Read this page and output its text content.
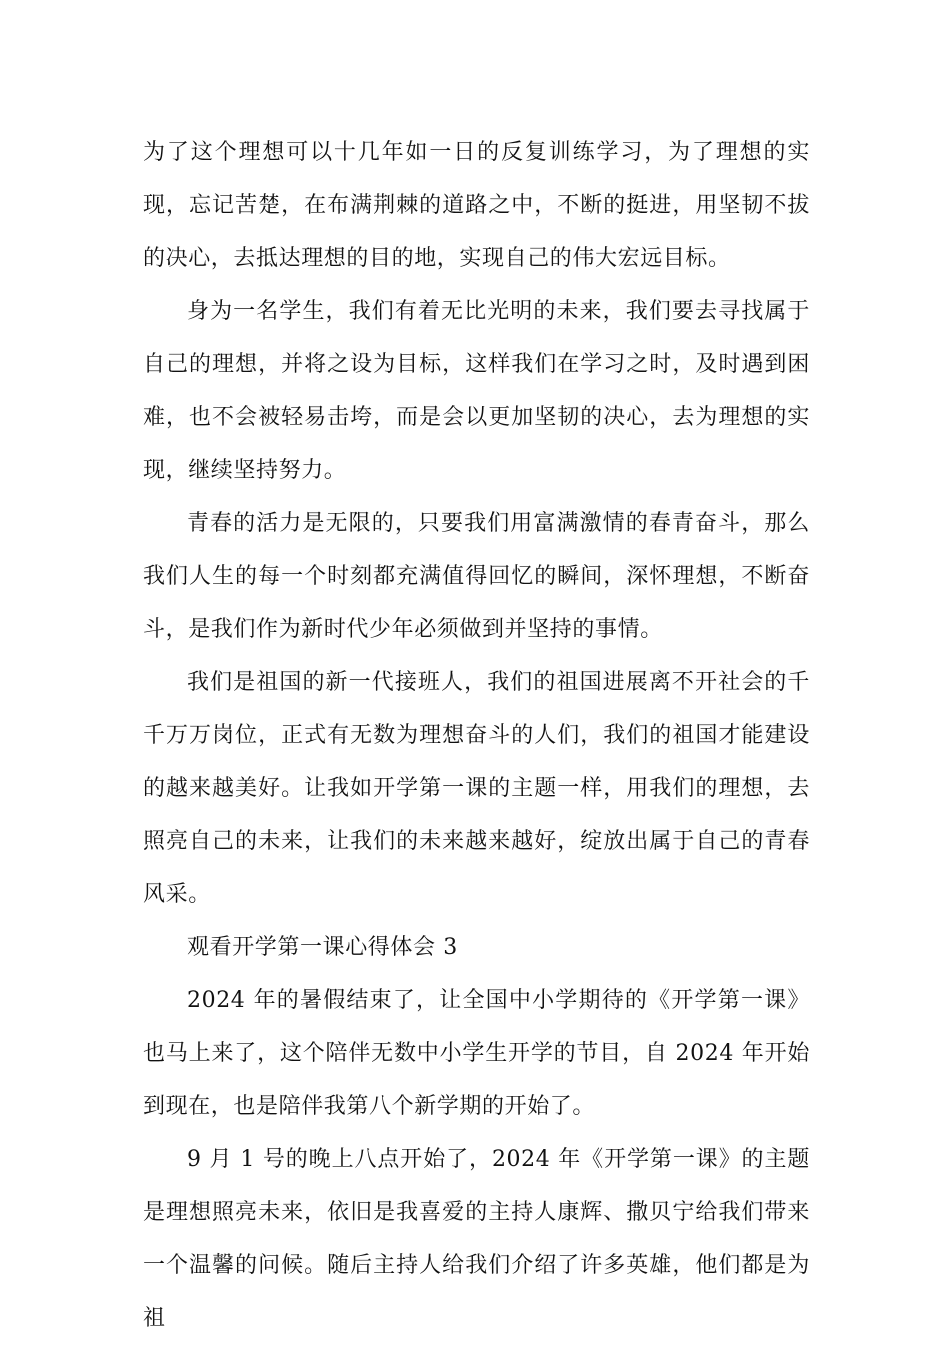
为了这个理想可以十几年如一日的反复训练学习，为了理想的实现，忘记苦楚，在布满荆棘的道路之中，不断的挺进，用坚韧不拔的决心，去抵达理想的目的地，实现自己的伟大宏远目标。

身为一名学生，我们有着无比光明的未来，我们要去寻找属于自己的理想，并将之设为目标，这样我们在学习之时，及时遇到困难，也不会被轻易击垮，而是会以更加坚韧的决心，去为理想的实现，继续坚持努力。

青春的活力是无限的，只要我们用富满激情的春青奋斗，那么我们人生的每一个时刻都充满值得回忆的瞬间，深怀理想，不断奋斗，是我们作为新时代少年必须做到并坚持的事情。

我们是祖国的新一代接班人，我们的祖国进展离不开社会的千千万万岗位，正式有无数为理想奋斗的人们，我们的祖国才能建设的越来越美好。让我如开学第一课的主题一样，用我们的理想，去照亮自己的未来，让我们的未来越来越好，绽放出属于自己的青春风采。

观看开学第一课心得体会 3

2024 年的暑假结束了，让全国中小学期待的《开学第一课》也马上来了，这个陪伴无数中小学生开学的节目，自 2024 年开始到现在，也是陪伴我第八个新学期的开始了。

9 月 1 号的晚上八点开始了，2024 年《开学第一课》的主题是理想照亮未来，依旧是我喜爱的主持人康辉、撒贝宁给我们带来一个温馨的问候。随后主持人给我们介绍了许多英雄，他们都是为祖
